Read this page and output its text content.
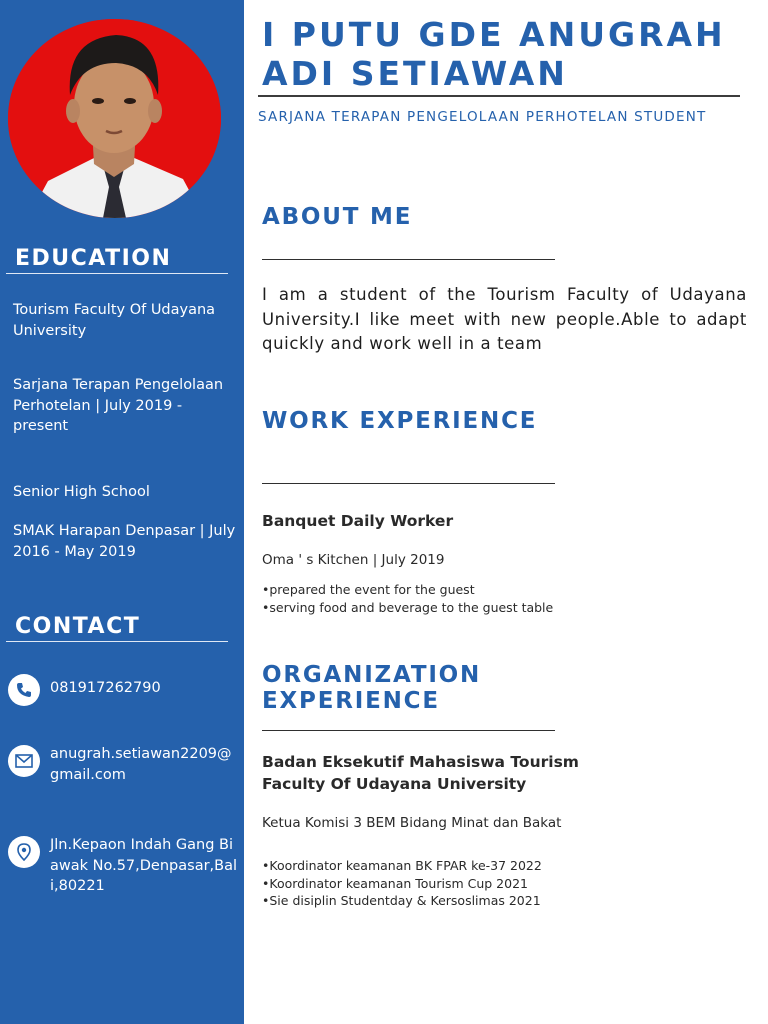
EDUCATION
Tourism Faculty Of Udayana University
Sarjana Terapan Pengelolaan Perhotelan | July 2019 - present
Senior High School
SMAK Harapan Denpasar | July 2016 - May 2019
CONTACT
081917262790
anugrah.setiawan2209@gmail.com
Jln.Kepaon Indah Gang Biawak No.57,Denpasar,Bali,80221
I PUTU GDE ANUGRAH ADI SETIAWAN
SARJANA TERAPAN PENGELOLAAN PERHOTELAN STUDENT
ABOUT ME
I am a student of the Tourism Faculty of Udayana University.I like meet with new people.Able to adapt quickly and work well in a team
WORK EXPERIENCE
Banquet Daily Worker
Oma ' s Kitchen | July 2019
•prepared the event for the guest
•serving food and beverage to the guest table
ORGANIZATION EXPERIENCE
Badan Eksekutif Mahasiswa Tourism Faculty Of Udayana University
Ketua Komisi 3 BEM Bidang Minat dan Bakat
•Koordinator keamanan BK FPAR ke-37 2022
•Koordinator keamanan Tourism Cup 2021
•Sie disiplin Studentday & Kersoslimas 2021
